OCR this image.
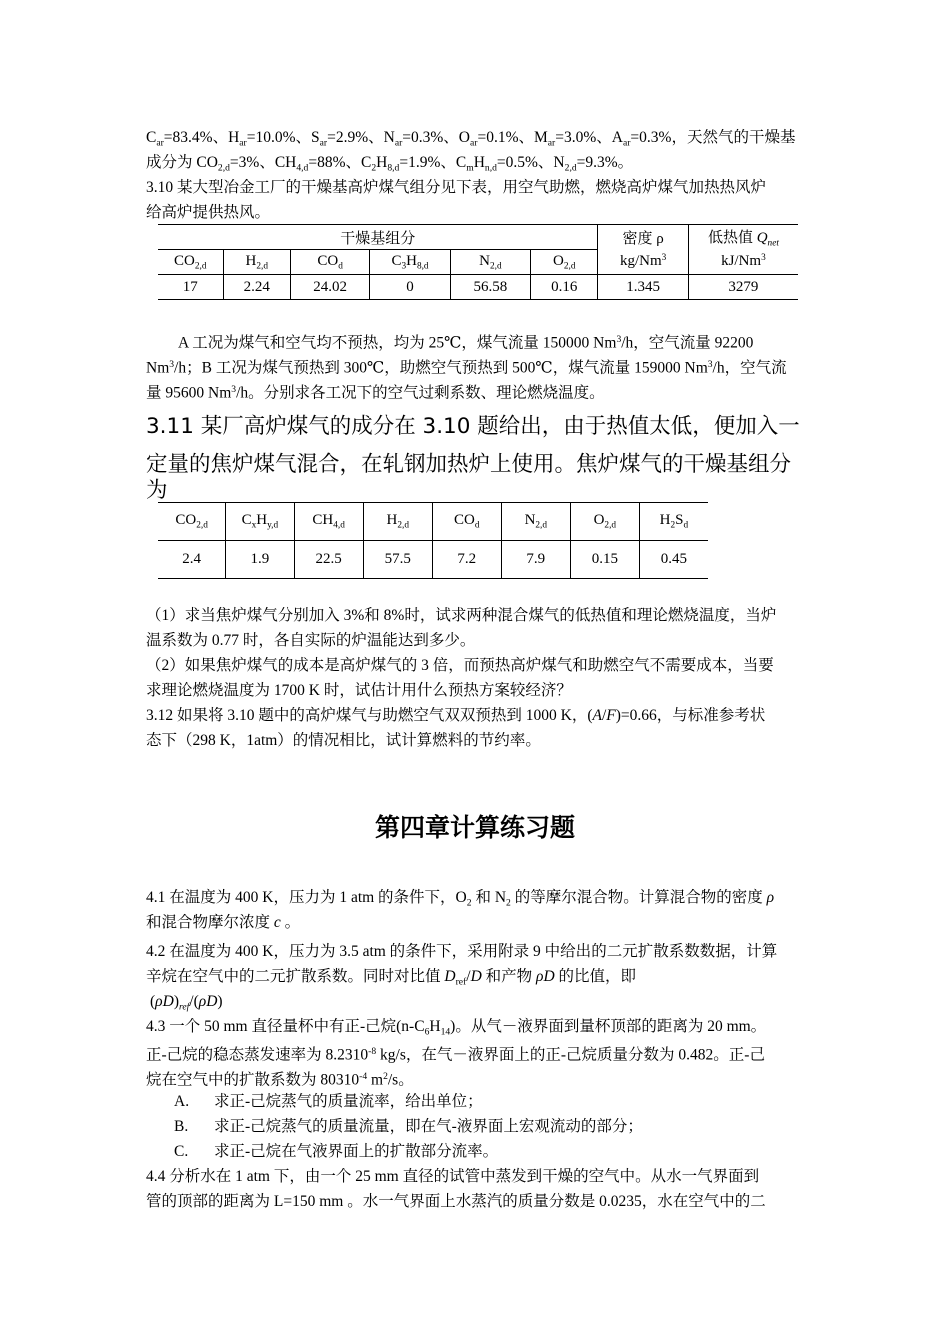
$C_{ar}=83.4\%$、$H_{ar}=10.0\%$、$S_{ar}=2.9\%$、$N_{ar}=0.3\%$、$O_{ar}=0.1\%$、$M_{ar}=3.0\%$、$A_{ar}=0.3\%$，天然气的干燥基
成分为 $CO_{2,d}=3\%$、$CH_{4,d}=88\%$、$C_2H_{8,d}=1.9\%$、$C_mH_{n,d}=0.5\%$、$N_{2,d}=9.3\%$。
3.10 某大型冶金工厂的干燥基高炉煤气组分见下表，用空气助燃，燃烧高炉煤气加热热风炉
给高炉提供热风。
干燥基组分						密度 ρ	低热值 $Q_{net}$
$CO_{2,d}$	$H_{2,d}$	$CO_d$	$C_3H_{8,d}$	$N_{2,d}$	$O_{2,d}$	kg/Nm$^3$	kJ/Nm$^3$
17	2.24	24.02	0	56.58	0.16	1.345	3279
A 工况为煤气和空气均不预热，均为 25℃，煤气流量 150000 Nm$^3$/h，空气流量 92200
Nm$^3$/h；B 工况为煤气预热到 300℃，助燃空气预热到 500℃，煤气流量 159000 Nm$^3$/h，空气流
量 95600 Nm$^3$/h。分别求各工况下的空气过剩系数、理论燃烧温度。
3.11 某厂高炉煤气的成分在 3.10 题给出，由于热值太低，便加入一
定量的焦炉煤气混合，在轧钢加热炉上使用。焦炉煤气的干燥基组分
为
$CO_{2,d}$	$C_xH_{y,d}$	$CH_{4,d}$	$H_{2,d}$	$CO_d$	$N_{2,d}$	$O_{2,d}$	$H_2S_d$
2.4	1.9	22.5	57.5	7.2	7.9	0.15	0.45
（1）求当焦炉煤气分别加入 3%和 8%时，试求两种混合煤气的低热值和理论燃烧温度，当炉
温系数为 0.77 时，各自实际的炉温能达到多少。
（2）如果焦炉煤气的成本是高炉煤气的 3 倍，而预热高炉煤气和助燃空气不需要成本，当要
求理论燃烧温度为 1700 K 时，试估计用什么预热方案较经济？
3.12 如果将 3.10 题中的高炉煤气与助燃空气双双预热到 1000 K，(A/F)=0.66，与标准参考状
态下（298 K，1atm）的情况相比，试计算燃料的节约率。
第四章计算练习题
4.1 在温度为 400 K，压力为 1 atm 的条件下，$O_2$ 和 $N_2$ 的等摩尔混合物。计算混合物的密度 ρ
和混合物摩尔浓度 c 。
4.2 在温度为 400 K，压力为 3.5 atm 的条件下，采用附录 9 中给出的二元扩散系数数据，计算
辛烷在空气中的二元扩散系数。同时对比值 $D_{ref}/D$ 和产物 ρD 的比值，即
$(\rho D)_{ref}/(\rho D)$
4.3 一个 50 mm 直径量杯中有正-己烷$(n-C_6H_{14})$。从气－液界面到量杯顶部的距离为 20 mm。
正-己烷的稳态蒸发速率为 $8.2310^{-8}$ kg/s，在气－液界面上的正-己烷质量分数为 0.482。正-己
烷在空气中的扩散系数为 $80310^{-4}$ $m^2/s$。
A. 求正-己烷蒸气的质量流率，给出单位；
B. 求正-己烷蒸气的质量流量，即在气-液界面上宏观流动的部分；
C. 求正-己烷在气液界面上的扩散部分流率。
4.4 分析水在 1 atm 下，由一个 25 mm 直径的试管中蒸发到干燥的空气中。从水一气界面到
管的顶部的距离为 L=150 mm 。水一气界面上水蒸汽的质量分数是 0.0235，水在空气中的二
